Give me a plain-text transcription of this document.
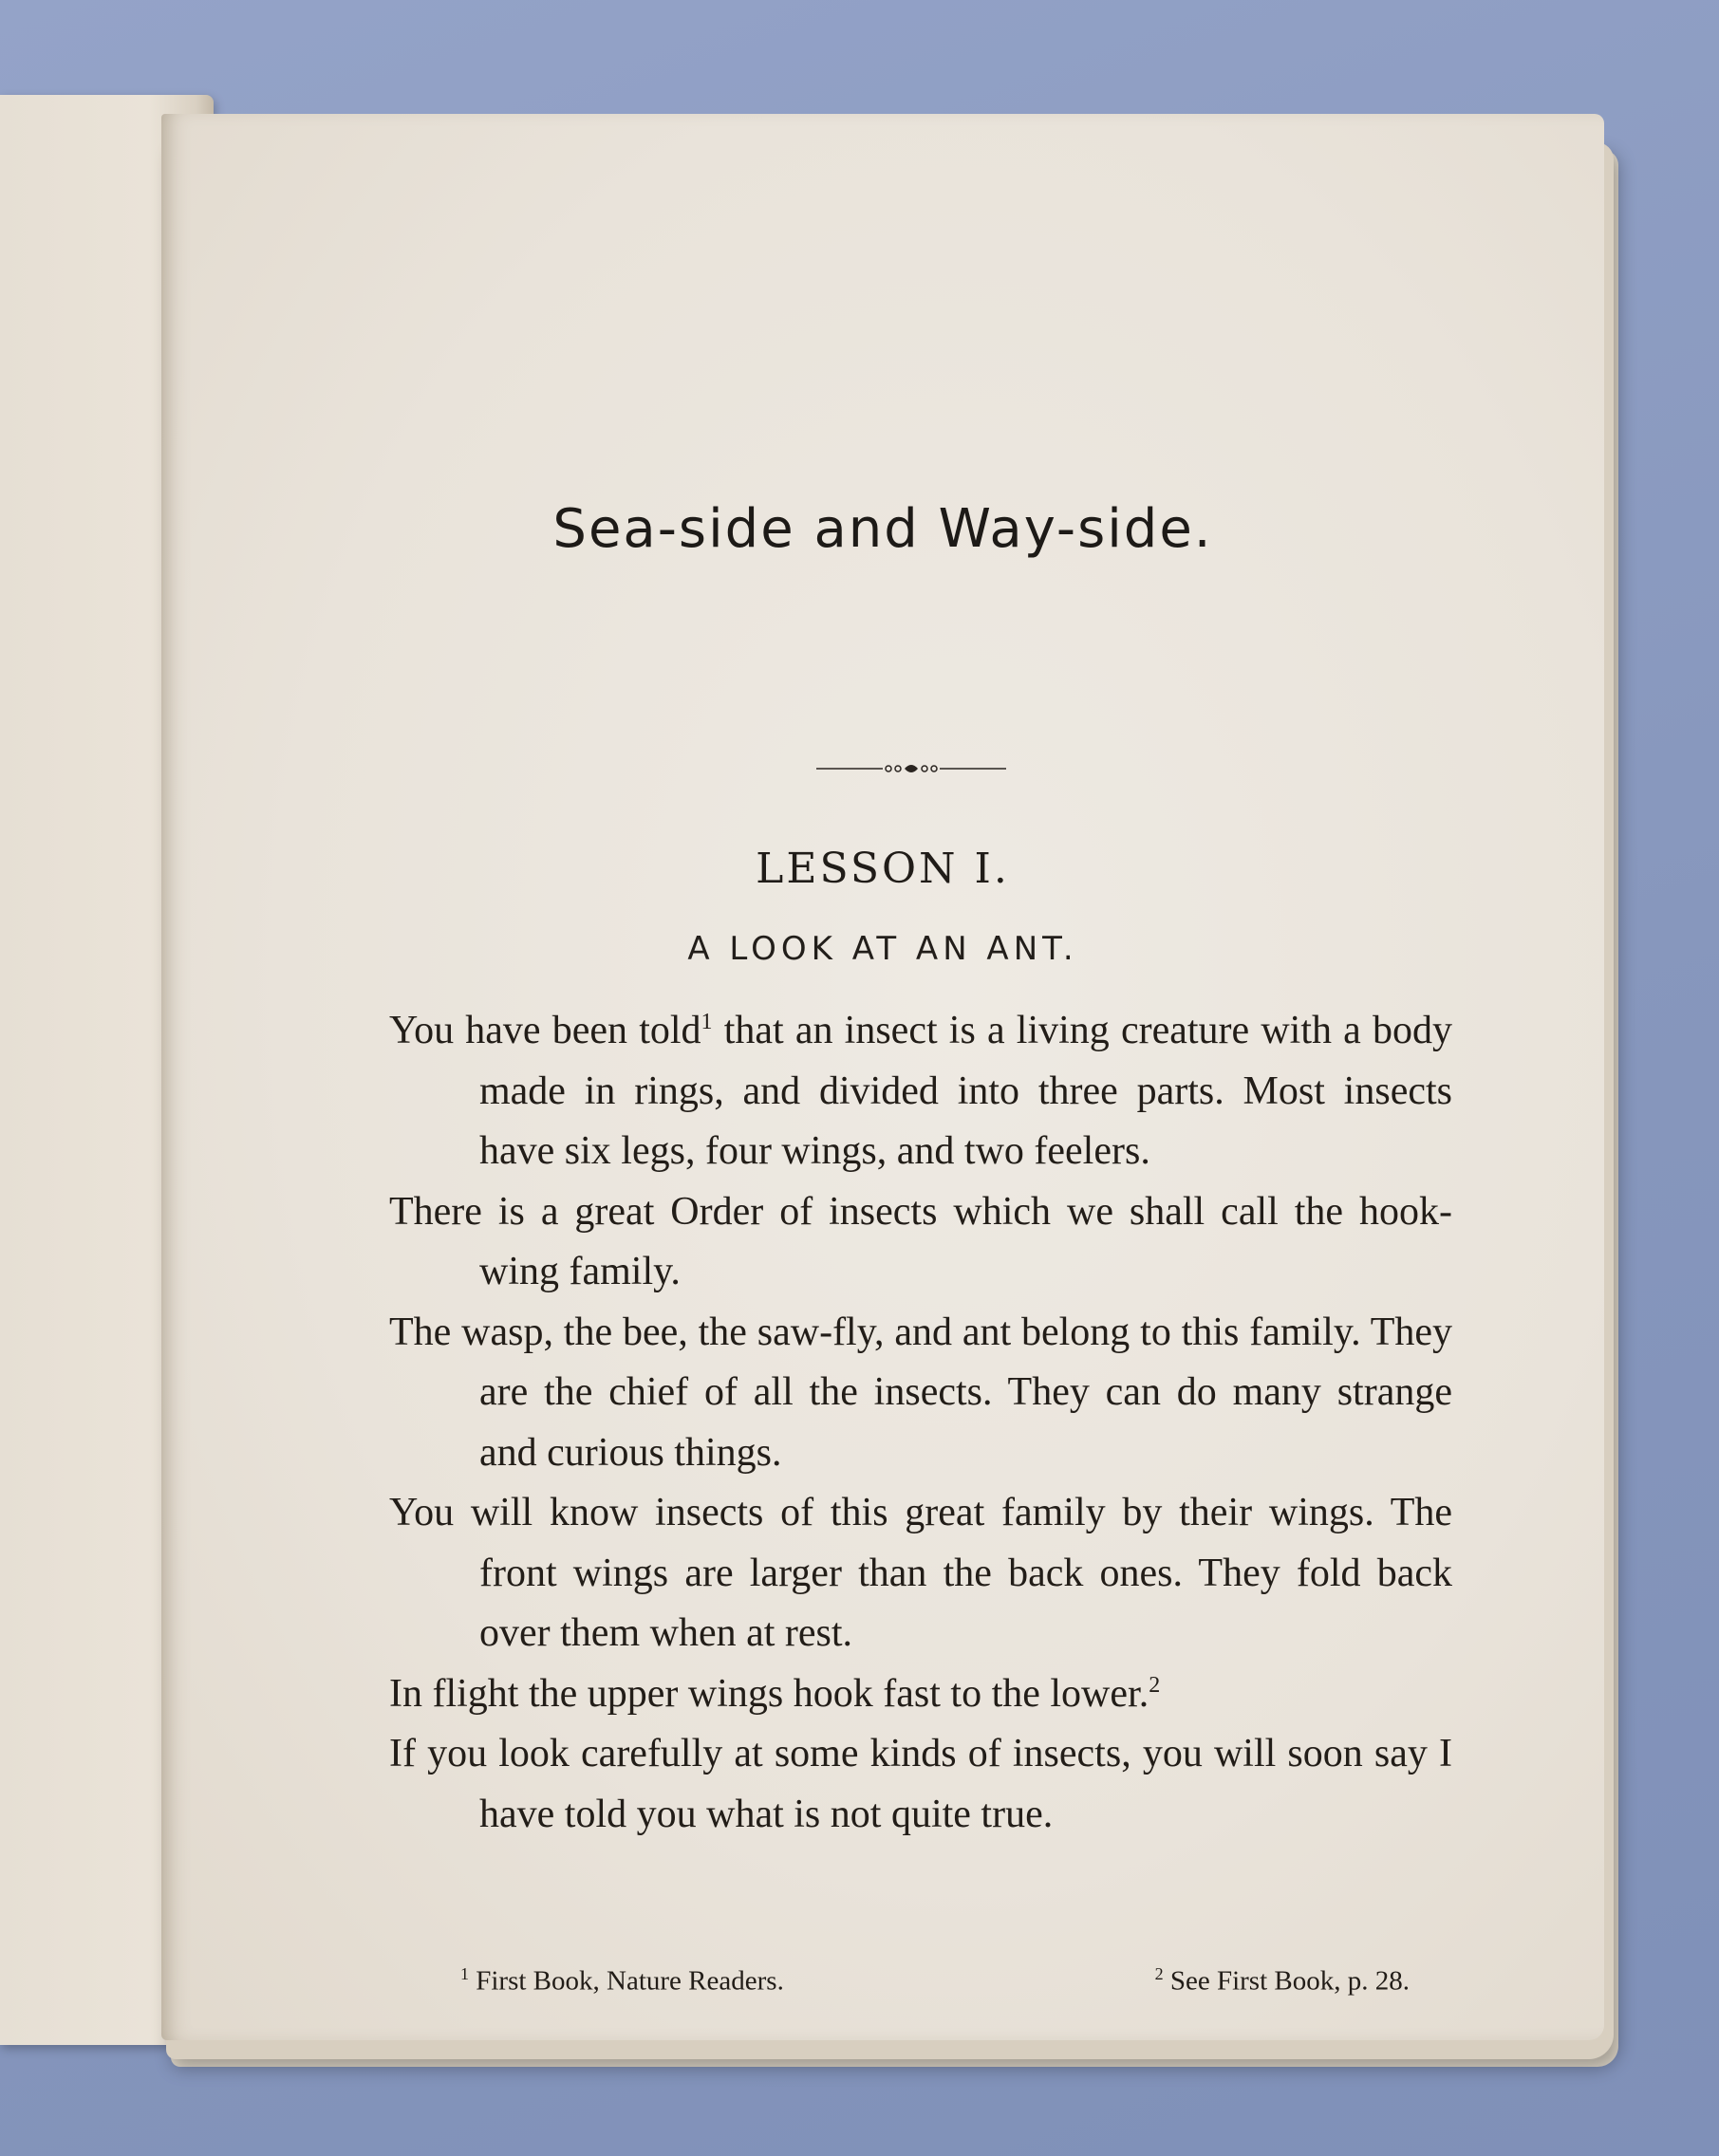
Sea-side and Way-side.
LESSON I.
A LOOK AT AN ANT.

You have been told$^1$ that an insect is a living creature with a body made in rings, and divided into three parts. Most insects have six legs, four wings, and two feelers.

There is a great Order of insects which we shall call the hook-wing family.

The wasp, the bee, the saw-fly, and ant belong to this family. They are the chief of all the insects. They can do many strange and curious things.

You will know insects of this great family by their wings. The front wings are larger than the back ones. They fold back over them when at rest.

In flight the upper wings hook fast to the lower.$^2$

If you look carefully at some kinds of insects, you will soon say I have told you what is not quite true.

$^1$ First Book, Nature Readers.	$^2$ See First Book, p. 28.
